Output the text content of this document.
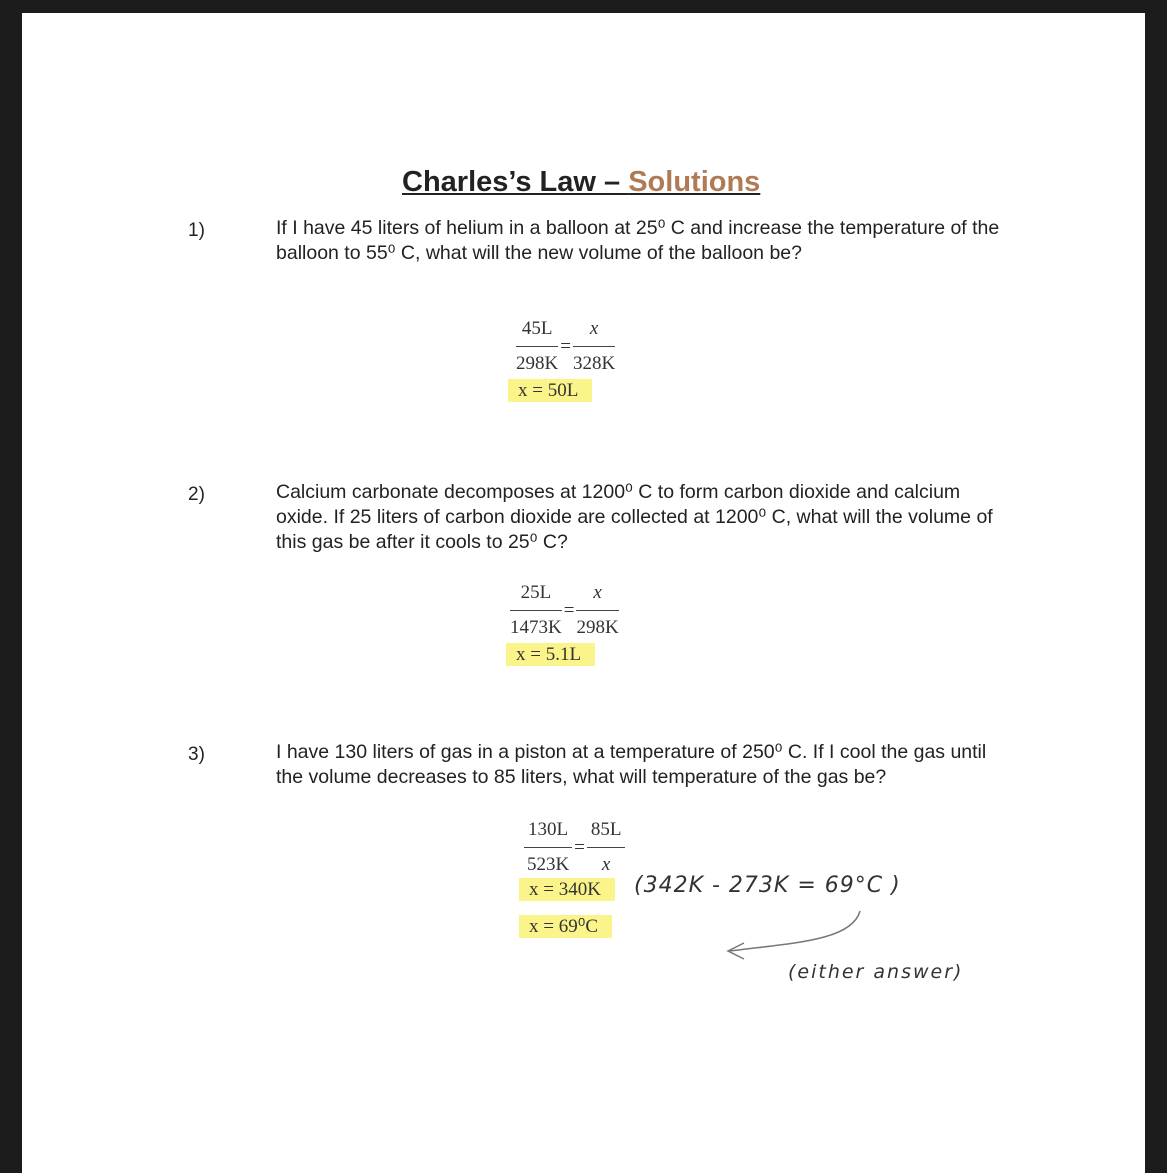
Charles’s Law – Solutions
1)	If I have 45 liters of helium in a balloon at 25⁰ C and increase the temperature of the balloon to 55⁰ C, what will the new volume of the balloon be?
$\frac{45L}{298K} = \frac{x}{328K}$
x = 50L
2)	Calcium carbonate decomposes at 1200⁰ C to form carbon dioxide and calcium oxide. If 25 liters of carbon dioxide are collected at 1200⁰ C, what will the volume of this gas be after it cools to 25⁰ C?
$\frac{25L}{1473K} = \frac{x}{298K}$
x = 5.1L
3)	I have 130 liters of gas in a piston at a temperature of 250⁰ C. If I cool the gas until the volume decreases to 85 liters, what will temperature of the gas be?
$\frac{130L}{523K} = \frac{85L}{x}$
x = 340K
x = 69⁰C
(342K - 273K = 69°C )
(either answer)
